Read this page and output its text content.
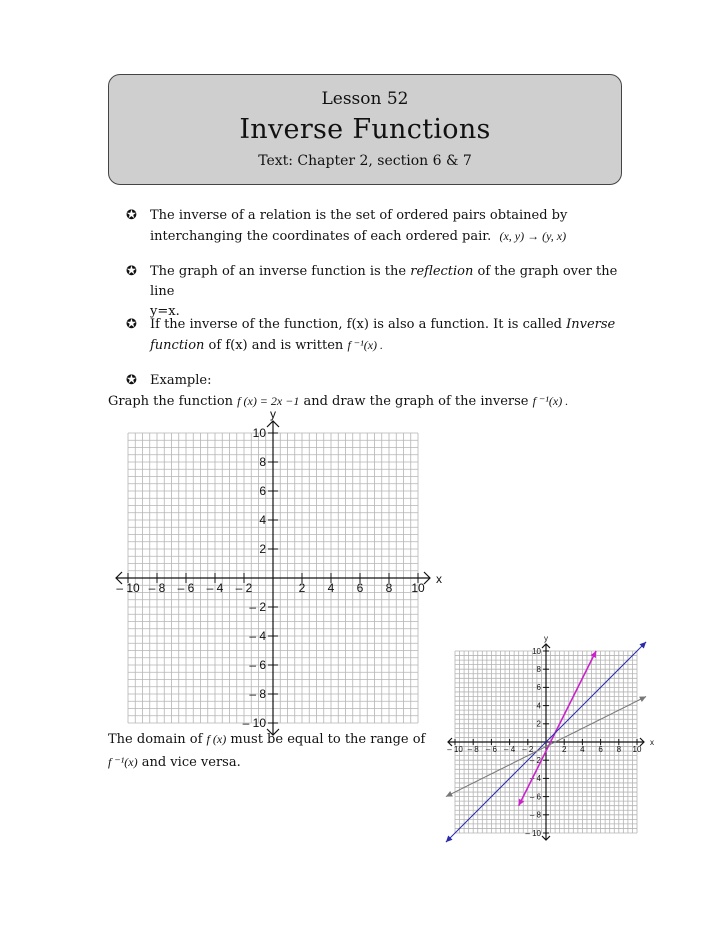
Lesson 52
Inverse Functions
Text: Chapter 2, section 6 & 7
✪ The inverse of a relation is the set of ordered pairs obtained by
interchanging the coordinates of each ordered pair. (x, y) → (y, x)
✪ The graph of an inverse function is the reflection of the graph over the line
y=x.
✪ If the inverse of the function, f(x) is also a function. It is called Inverse
function of f(x) and is written f ⁻¹(x) .
✪ Example:
Graph the function f (x) = 2x −1 and draw the graph of the inverse f ⁻¹(x) .
The domain of f (x) must be equal to the range of
f ⁻¹(x) and vice versa.
– 10 – 8 – 6 – 4 – 2	2 4 6 8 10
10
8
6
4
2
– 2
– 4
– 6
– 8
– 10
x
y
– 10 – 8 – 6 – 4 – 2	2 4 6 8 10
10
8
6
4
2
– 2
– 4
– 6
– 8
– 10
x
y
